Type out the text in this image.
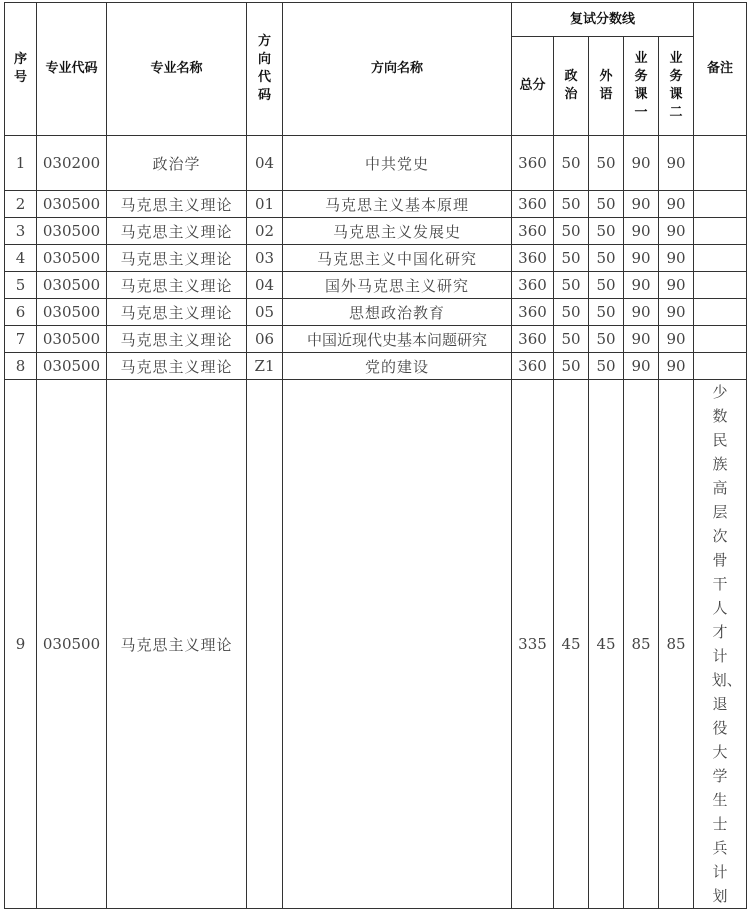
序号	专业代码	专业名称	方向代码	方向名称	复试分数线					备注
					总分	政治	外语	业务课一	业务课二	
1	030200	政治学	04	中共党史	360	50	50	90	90	
2	030500	马克思主义理论	01	马克思主义基本原理	360	50	50	90	90	
3	030500	马克思主义理论	02	马克思主义发展史	360	50	50	90	90	
4	030500	马克思主义理论	03	马克思主义中国化研究	360	50	50	90	90	
5	030500	马克思主义理论	04	国外马克思主义研究	360	50	50	90	90	
6	030500	马克思主义理论	05	思想政治教育	360	50	50	90	90	
7	030500	马克思主义理论	06	中国近现代史基本问题研究	360	50	50	90	90	
8	030500	马克思主义理论	Z1	党的建设	360	50	50	90	90	
9	030500	马克思主义理论			335	45	45	85	85	少数民族高层次骨干人才计划、退役大学生士兵计划
